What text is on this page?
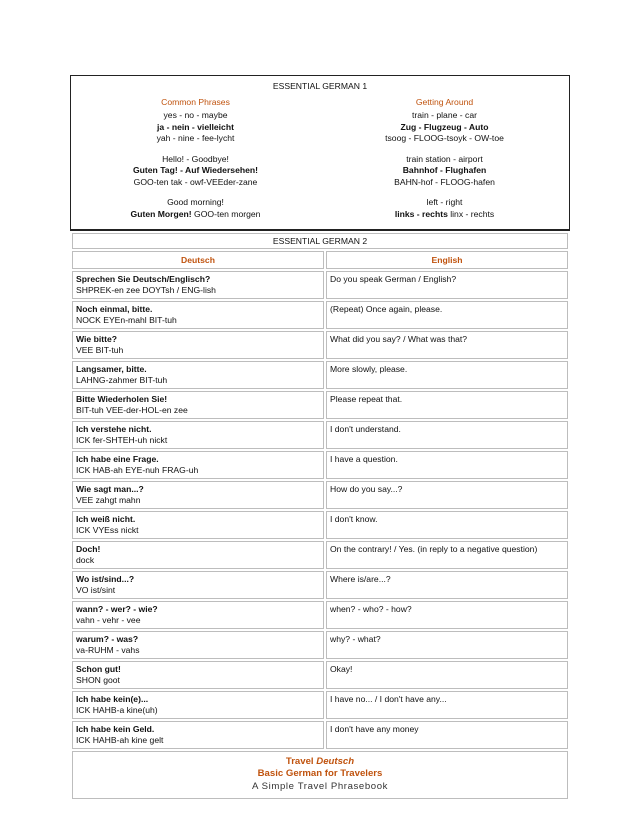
ESSENTIAL GERMAN 1
Common Phrases
yes - no - maybe
ja - nein - vielleicht
yah - nine - fee-lycht
Hello! - Goodbye!
Guten Tag! - Auf Wiedersehen!
GOO-ten tak - owf-VEEder-zane
Good morning!
Guten Morgen! GOO-ten morgen
Getting Around
train - plane - car
Zug - Flugzeug - Auto
tsoog - FLOOG-tsoyk - OW-toe
train station - airport
Bahnhof - Flughafen
BAHN-hof - FLOOG-hafen
left - right
links - rechts linx - rechts
ESSENTIAL GERMAN 2	
Deutsch	English

Sprechen Sie Deutsch/Englisch?
SHPREK-en zee DOYTsh / ENG-lish	Do you speak German / English?

Noch einmal, bitte.
NOCK EYEn-mahl BIT-tuh	(Repeat) Once again, please.

Wie bitte?
VEE BIT-tuh	What did you say? / What was that?

Langsamer, bitte.
LAHNG-zahmer BIT-tuh	More slowly, please.

Bitte Wiederholen Sie!
BIT-tuh VEE-der-HOL-en zee	Please repeat that.

Ich verstehe nicht.
ICK fer-SHTEH-uh nickt	I don't understand.

Ich habe eine Frage.
ICK HAB-ah EYE-nuh FRAG-uh	I have a question.

Wie sagt man...?
VEE zahgt mahn	How do you say...?

Ich weiß nicht.
ICK VYEss nickt	I don't know.

Doch!
dock	On the contrary! / Yes. (in reply to a negative question)

Wo ist/sind...?
VO ist/sint	Where is/are...?

wann? - wer? - wie?
vahn - vehr - vee	when? - who? - how?

warum? - was?
va-RUHM - vahs	why? - what?

Schon gut!
SHON goot	Okay!

Ich habe kein(e)...
ICK HAHB-a kine(uh)	I have no... / I don't have any...

Ich habe kein Geld.
ICK HAHB-ah kine gelt	I don't have any money

Travel Deutsch
Basic German for Travelers
A Simple Travel Phrasebook	
